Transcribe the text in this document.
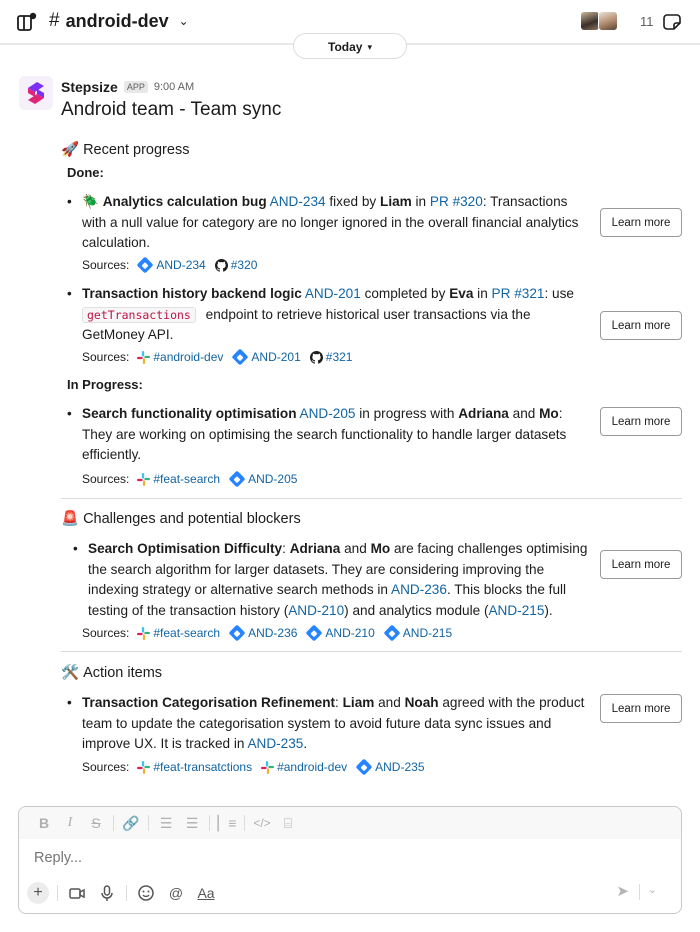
# android-dev ⌄	11
Today ▾
Stepsize	APP 9:00 AM
Android team - Team sync
🚀 Recent progress
Done:
• 🪲 Analytics calculation bug AND-234 fixed by Liam in PR #320: Transactions with a null value for category are no longer ignored in the overall financial analytics calculation.
Learn more
Sources: AND-234 #320
• Transaction history backend logic AND-201 completed by Eva in PR #321: use
getTransactions endpoint to retrieve historical user transactions via the GetMoney API.
Learn more
Sources: #android-dev AND-201 #321
In Progress:
• Search functionality optimisation AND-205 in progress with Adriana and Mo: They are working on optimising the search functionality to handle larger datasets efficiently.
Learn more
Sources: #feat-search AND-205
🚨 Challenges and potential blockers
• Search Optimisation Difficulty: Adriana and Mo are facing challenges optimising the search algorithm for larger datasets. They are considering improving the indexing strategy or alternative search methods in AND-236. This blocks the full testing of the transaction history (AND-210) and analytics module (AND-215).
Learn more
Sources: #feat-search AND-236 AND-210 AND-215
🛠️ Action items
• Transaction Categorisation Refinement: Liam and Noah agreed with the product team to update the categorisation system to avoid future data sync issues and improve UX. It is tracked in AND-235.
Learn more
Sources: #feat-transatctions #android-dev AND-235
B	I	S	🔗	☰ ☰	▏≡	</> ⌸
Reply...
+	@ Aa	➤ ⌄
